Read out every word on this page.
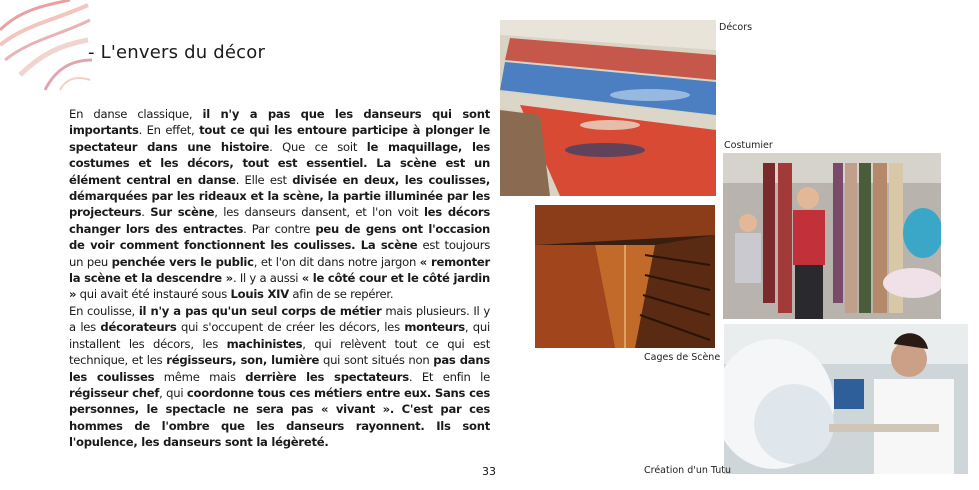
- L'envers du décor
En danse classique, il n'y a pas que les danseurs qui sont importants. En effet, tout ce qui les entoure participe à plonger le spectateur dans une histoire. Que ce soit le maquillage, les costumes et les décors, tout est essentiel. La scène est un élément central en danse. Elle est divisée en deux, les coulisses, démarquées par les rideaux et la scène, la partie illuminée par les projecteurs. Sur scène, les danseurs dansent, et l'on voit les décors changer lors des entractes. Par contre peu de gens ont l'occasion de voir comment fonctionnent les coulisses. La scène est toujours un peu penchée vers le public, et l'on dit dans notre jargon « remonter la scène et la descendre ». Il y a aussi « le côté cour et le côté jardin » qui avait été instauré sous Louis XIV afin de se repérer.
En coulisse, il n'y a pas qu'un seul corps de métier mais plusieurs. Il y a les décorateurs qui s'occupent de créer les décors, les monteurs, qui installent les décors, les machinistes, qui relèvent tout ce qui est technique, et les régisseurs, son, lumière qui sont situés non pas dans les coulisses même mais derrière les spectateurs. Et enfin le régisseur chef, qui coordonne tous ces métiers entre eux. Sans ces personnes, le spectacle ne sera pas « vivant ». C'est par ces hommes de l'ombre que les danseurs rayonnent. Ils sont l'opulence, les danseurs sont la légèreté.
33
Décors
Cages de Scène
Costumier
Création d'un Tutu
